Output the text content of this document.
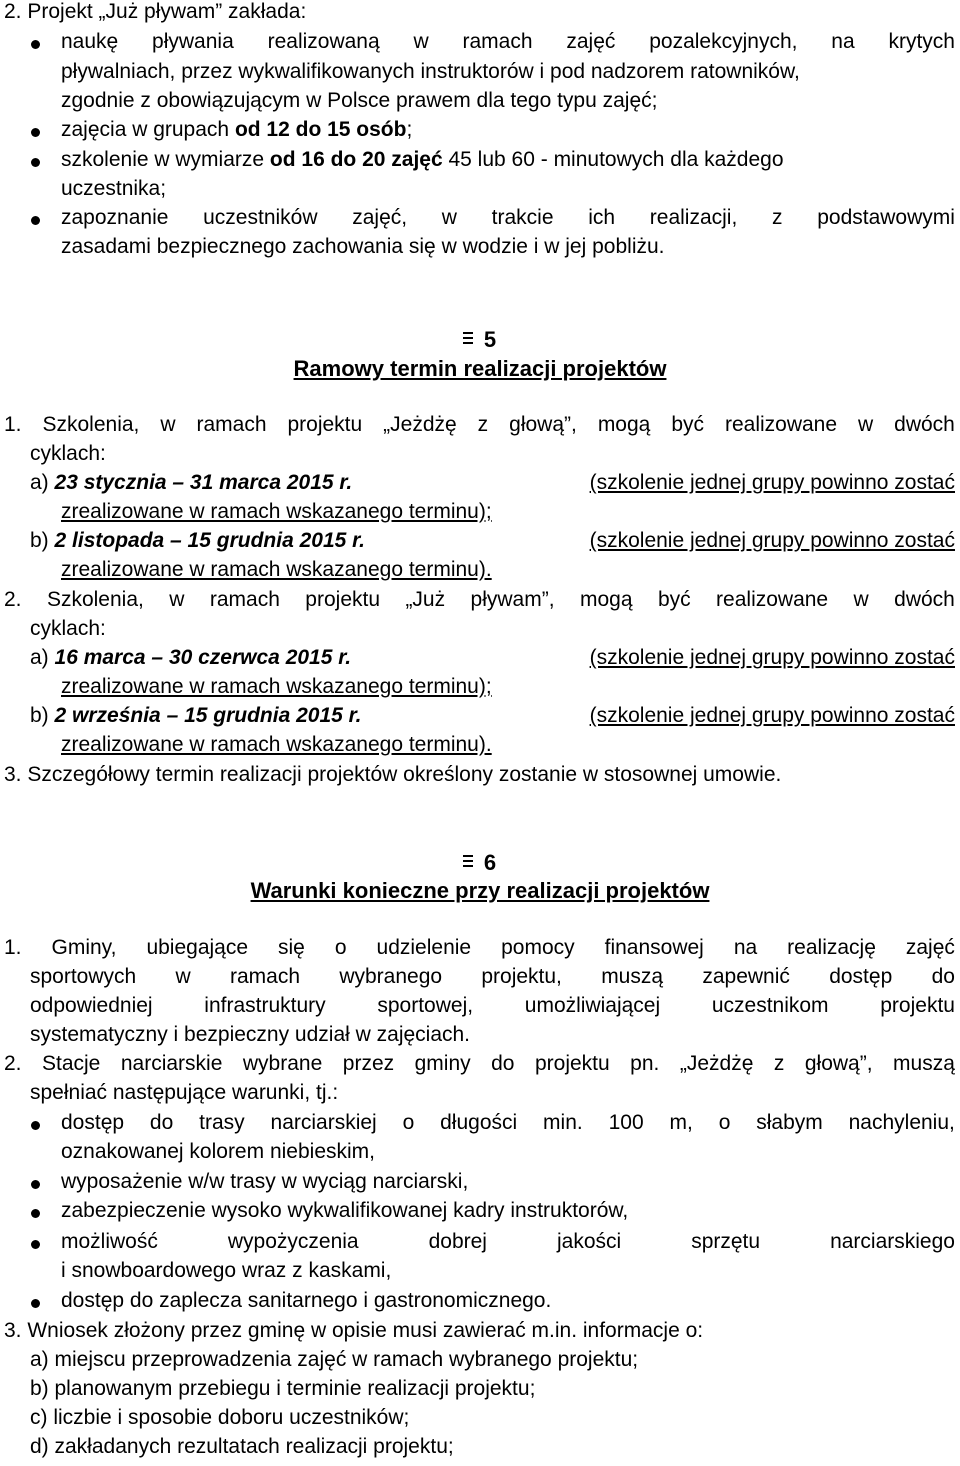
2. Projekt „Już pływam” zakłada:
naukę pływania realizowaną w ramach zajęć pozalekcyjnych, na krytych
pływalniach, przez wykwalifikowanych instruktorów i pod nadzorem ratowników,
zgodnie z obowiązującym w Polsce prawem dla tego typu zajęć;
zajęcia w grupach od 12 do 15 osób;
szkolenie w wymiarze od 16 do 20 zajęć 45 lub 60 - minutowych dla każdego
uczestnika;
zapoznanie uczestników zajęć, w trakcie ich realizacji, z podstawowymi
zasadami bezpiecznego zachowania się w wodzie i w jej pobliżu.
5
Ramowy termin realizacji projektów
1. Szkolenia, w ramach projektu „Jeżdżę z głową”, mogą być realizowane w dwóch
cyklach:
a) 23 stycznia – 31 marca 2015 r.	(szkolenie jednej grupy powinno zostać
zrealizowane w ramach wskazanego terminu);
b) 2 listopada – 15 grudnia 2015 r.	(szkolenie jednej grupy powinno zostać
zrealizowane w ramach wskazanego terminu).
2. Szkolenia, w ramach projektu „Już pływam”, mogą być realizowane w dwóch
cyklach:
a) 16 marca – 30 czerwca 2015 r.	(szkolenie jednej grupy powinno zostać
zrealizowane w ramach wskazanego terminu);
b) 2 września – 15 grudnia 2015 r.	(szkolenie jednej grupy powinno zostać
zrealizowane w ramach wskazanego terminu).
3. Szczegółowy termin realizacji projektów określony zostanie w stosownej umowie.
6
Warunki konieczne przy realizacji projektów
1. Gminy, ubiegające się o udzielenie pomocy finansowej na realizację zajęć
sportowych w ramach wybranego projektu, muszą zapewnić dostęp do
odpowiedniej infrastruktury sportowej, umożliwiającej uczestnikom projektu
systematyczny i bezpieczny udział w zajęciach.
2. Stacje narciarskie wybrane przez gminy do projektu pn. „Jeżdżę z głową”, muszą
spełniać następujące warunki, tj.:
dostęp do trasy narciarskiej o długości min. 100 m, o słabym nachyleniu,
oznakowanej kolorem niebieskim,
wyposażenie w/w trasy w wyciąg narciarski,
zabezpieczenie wysoko wykwalifikowanej kadry instruktorów,
możliwość	wypożyczenia	dobrej	jakości	sprzętu	narciarskiego
i snowboardowego wraz z kaskami,
dostęp do zaplecza sanitarnego i gastronomicznego.
3. Wniosek złożony przez gminę w opisie musi zawierać m.in. informacje o:
a) miejscu przeprowadzenia zajęć w ramach wybranego projektu;
b) planowanym przebiegu i terminie realizacji projektu;
c) liczbie i sposobie doboru uczestników;
d) zakładanych rezultatach realizacji projektu;
